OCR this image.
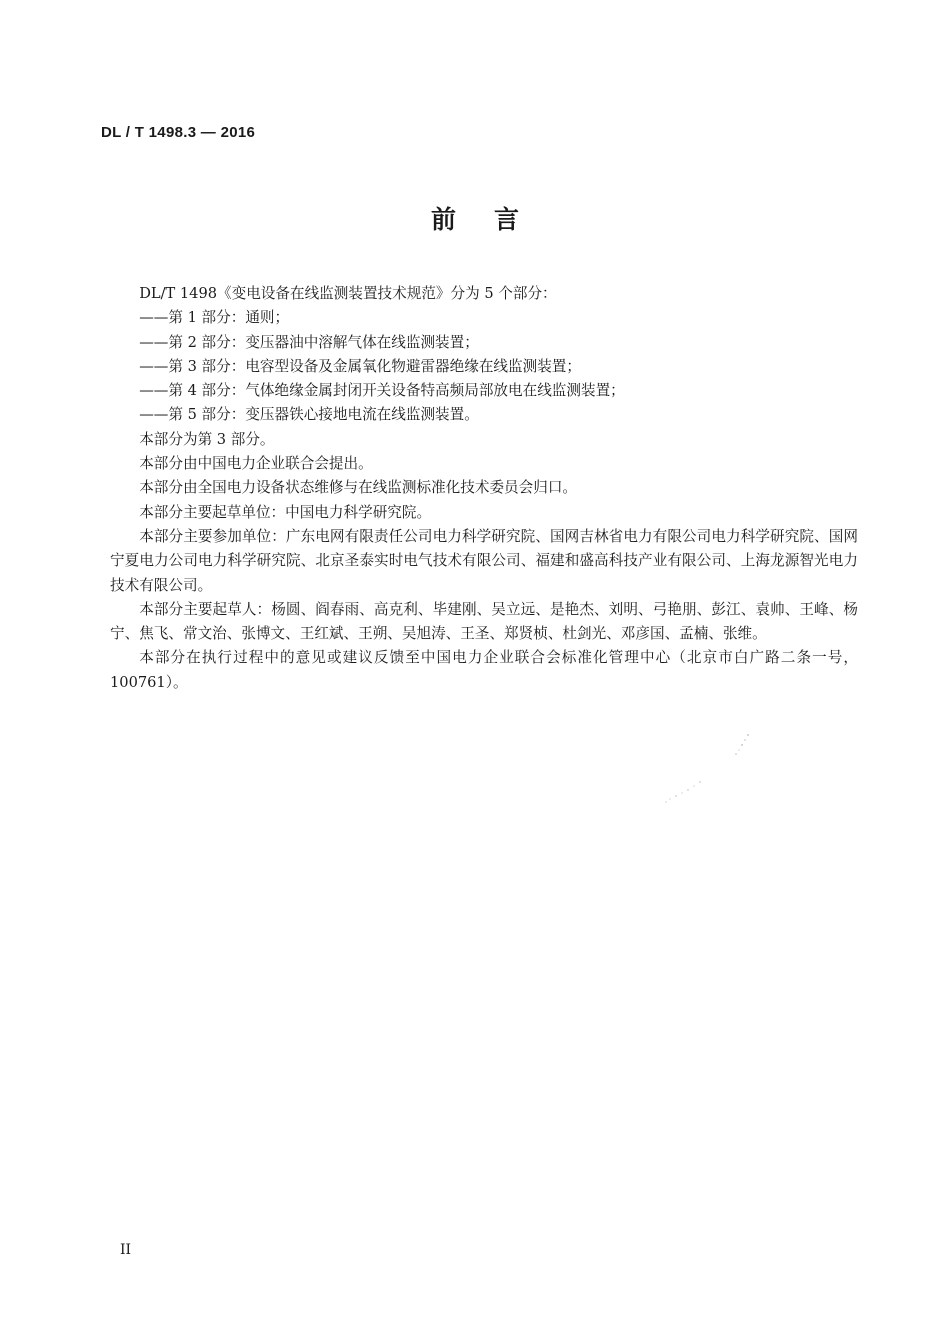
DL / T 1498.3 — 2016
前言

DL/T 1498《变电设备在线监测装置技术规范》分为 5 个部分：

——第 1 部分：通则；

——第 2 部分：变压器油中溶解气体在线监测装置；

——第 3 部分：电容型设备及金属氧化物避雷器绝缘在线监测装置；

——第 4 部分：气体绝缘金属封闭开关设备特高频局部放电在线监测装置；

——第 5 部分：变压器铁心接地电流在线监测装置。

本部分为第 3 部分。

本部分由中国电力企业联合会提出。

本部分由全国电力设备状态维修与在线监测标准化技术委员会归口。

本部分主要起草单位：中国电力科学研究院。

本部分主要参加单位：广东电网有限责任公司电力科学研究院、国网吉林省电力有限公司电力科学研究院、国网宁夏电力公司电力科学研究院、北京圣泰实时电气技术有限公司、福建和盛高科技产业有限公司、上海龙源智光电力技术有限公司。

本部分主要起草人：杨圆、阎春雨、高克利、毕建刚、吴立远、是艳杰、刘明、弓艳朋、彭江、袁帅、王峰、杨宁、焦飞、常文治、张博文、王红斌、王朔、吴旭涛、王圣、郑贤桢、杜剑光、邓彦国、孟楠、张维。

本部分在执行过程中的意见或建议反馈至中国电力企业联合会标准化管理中心（北京市白广路二条一号，100761）。

II
